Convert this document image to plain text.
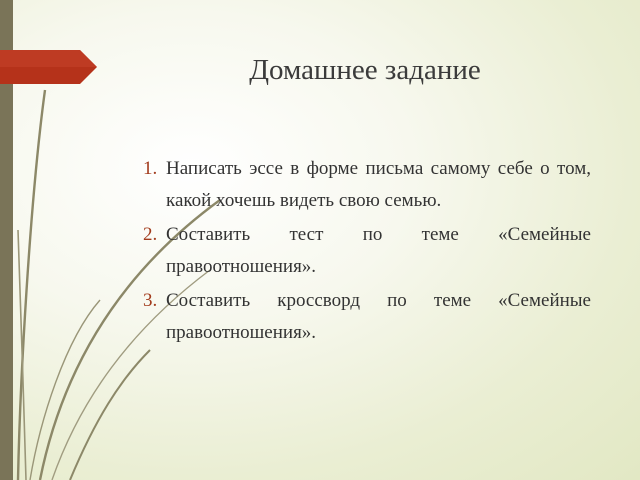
Домашнее задание
1. Написать эссе в форме письма самому себе о том, какой хочешь видеть свою семью.
2. Составить тест по теме «Семейные правоотношения».
3. Составить кроссворд по теме «Семейные правоотношения».
